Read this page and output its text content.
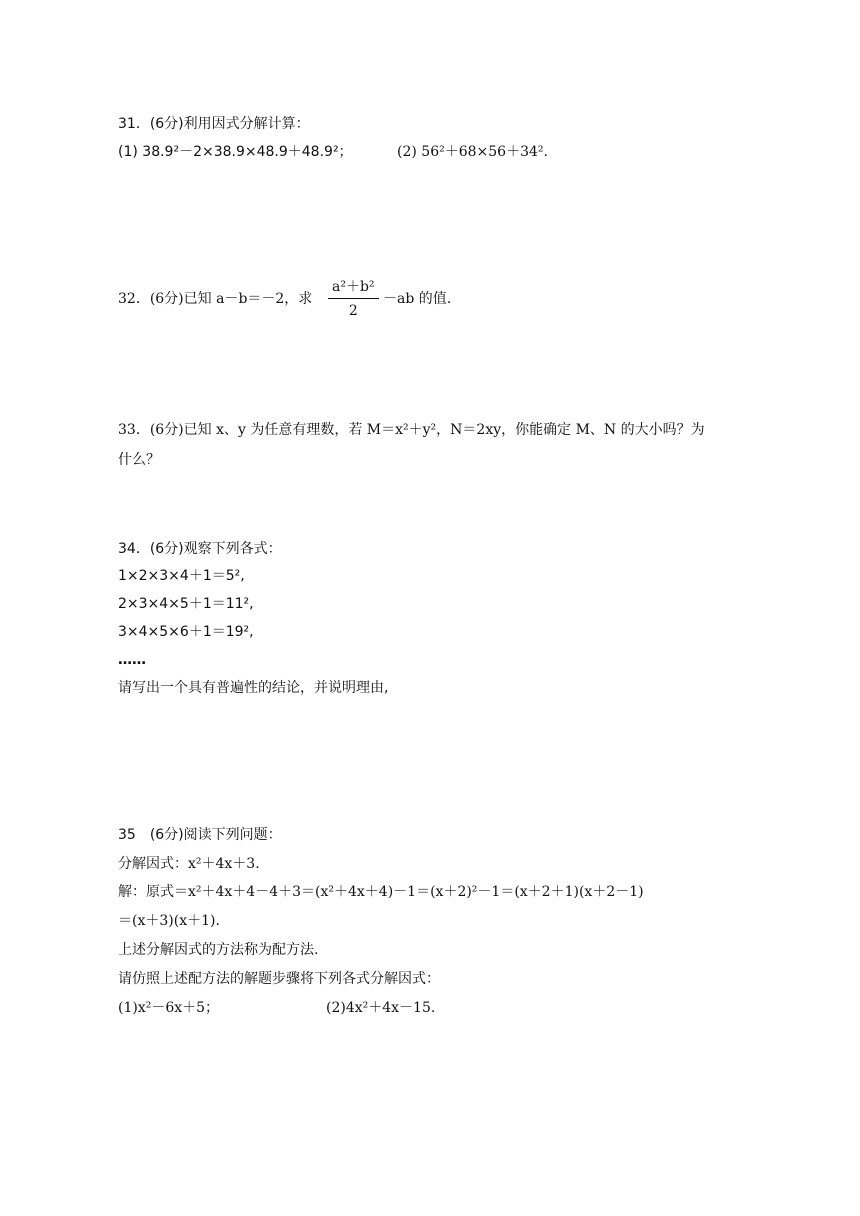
31．(6分)利用因式分解计算：
(1) 38.9²－2×38.9×48.9＋48.9²；	(2) 56²＋68×56＋34².
32．(6分)已知 a－b＝－2，求 $\frac{\text{a²＋b²}}{2} -ab$ 的值.
33．(6分)已知 x、y 为任意有理数，若 M＝x²＋y²，N＝2xy，你能确定 M、N 的大小吗？为
什么？
34．(6分)观察下列各式：
1×2×3×4＋1＝5²,
2×3×4×5＋1＝11²,
3×4×5×6＋1＝19²,
……
请写出一个具有普遍性的结论，并说明理由,
35　(6分)阅读下列问题：
分解因式：x²＋4x＋3.
解：原式＝x²＋4x＋4－4＋3＝(x²＋4x＋4)－1＝(x＋2)²－1＝(x＋2＋1)(x＋2－1)
＝(x＋3)(x＋1).
上述分解因式的方法称为配方法.
请仿照上述配方法的解题步骤将下列各式分解因式：
(1)x²－6x＋5；	(2)4x²＋4x－15.
